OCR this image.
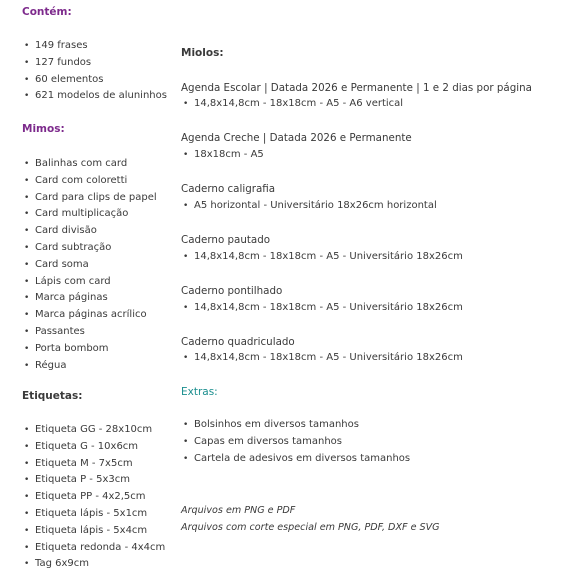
Contém:
• 149 frases
• 127 fundos
• 60 elementos
• 621 modelos de aluninhos
Mimos:
• Balinhas com card
• Card com coloretti
• Card para clips de papel
• Card multiplicação
• Card divisão
• Card subtração
• Card soma
• Lápis com card
• Marca páginas
• Marca páginas acrílico
• Passantes
• Porta bombom
• Régua
Etiquetas:
• Etiqueta GG - 28x10cm
• Etiqueta G - 10x6cm
• Etiqueta M - 7x5cm
• Etiqueta P - 5x3cm
• Etiqueta PP - 4x2,5cm
• Etiqueta lápis - 5x1cm
• Etiqueta lápis - 5x4cm
• Etiqueta redonda - 4x4cm
• Tag 6x9cm
Miolos:
Agenda Escolar | Datada 2026 e Permanente | 1 e 2 dias por página
• 14,8x14,8cm - 18x18cm - A5 - A6 vertical
Agenda Creche | Datada 2026 e Permanente
• 18x18cm - A5
Caderno caligrafia
• A5 horizontal - Universitário 18x26cm horizontal
Caderno pautado
• 14,8x14,8cm - 18x18cm - A5 - Universitário 18x26cm
Caderno pontilhado
• 14,8x14,8cm - 18x18cm - A5 - Universitário 18x26cm
Caderno quadriculado
• 14,8x14,8cm - 18x18cm - A5 - Universitário 18x26cm
Extras:
• Bolsinhos em diversos tamanhos
• Capas em diversos tamanhos
• Cartela de adesivos em diversos tamanhos
Arquivos em PNG e PDF
Arquivos com corte especial em PNG, PDF, DXF e SVG
